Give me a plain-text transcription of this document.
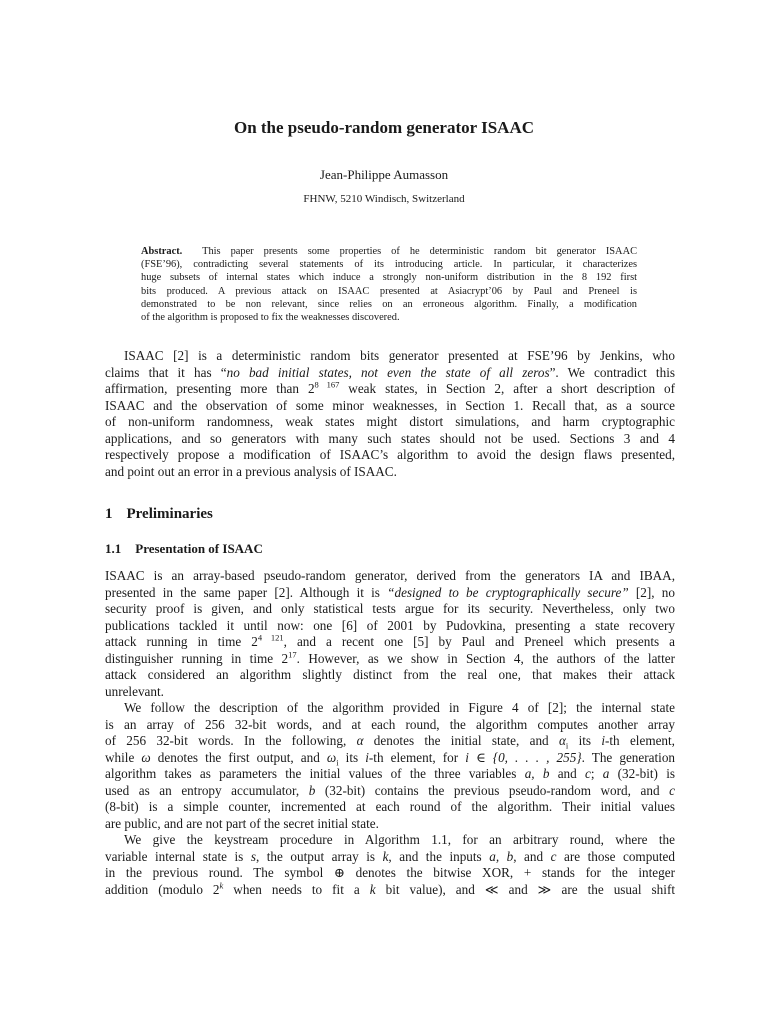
On the pseudo-random generator ISAAC
Jean-Philippe Aumasson
FHNW, 5210 Windisch, Switzerland
Abstract. This paper presents some properties of he deterministic random bit generator ISAAC
(FSE’96), contradicting several statements of its introducing article. In particular, it characterizes
huge subsets of internal states which induce a strongly non-uniform distribution in the 8 192 first
bits produced. A previous attack on ISAAC presented at Asiacrypt’06 by Paul and Preneel is
demonstrated to be non relevant, since relies on an erroneous algorithm. Finally, a modification
of the algorithm is proposed to fix the weaknesses discovered.
ISAAC [2] is a deterministic random bits generator presented at FSE’96 by Jenkins, who
claims that it has “no bad initial states, not even the state of all zeros”. We contradict this
affirmation, presenting more than $2^{8 167}$ weak states, in Section 2, after a short description of
ISAAC and the observation of some minor weaknesses, in Section 1. Recall that, as a source
of non-uniform randomness, weak states might distort simulations, and harm cryptographic
applications, and so generators with many such states should not be used. Sections 3 and 4
respectively propose a modification of ISAAC’s algorithm to avoid the design flaws presented,
and point out an error in a previous analysis of ISAAC.
1 Preliminaries
1.1 Presentation of ISAAC
ISAAC is an array-based pseudo-random generator, derived from the generators IA and IBAA,
presented in the same paper [2]. Although it is “designed to be cryptographically secure” [2], no
security proof is given, and only statistical tests argue for its security. Nevertheless, only two
publications tackled it until now: one [6] of 2001 by Pudovkina, presenting a state recovery
attack running in time $2^{4 121}$, and a recent one [5] by Paul and Preneel which presents a
distinguisher running in time $2^{17}$. However, as we show in Section 4, the authors of the latter
attack considered an algorithm slightly distinct from the real one, that makes their attack
unrelevant.
We follow the description of the algorithm provided in Figure 4 of [2]; the internal state
is an array of 256 32-bit words, and at each round, the algorithm computes another array
of 256 32-bit words. In the following, α denotes the initial state, and $\alpha_i$ its i-th element,
while ω denotes the first output, and $\omega_i$ its i-th element, for i ∈ {0, . . . , 255}. The generation
algorithm takes as parameters the initial values of the three variables a, b and c; a (32-bit) is
used as an entropy accumulator, b (32-bit) contains the previous pseudo-random word, and c
(8-bit) is a simple counter, incremented at each round of the algorithm. Their initial values
are public, and are not part of the secret initial state.
We give the keystream procedure in Algorithm 1.1, for an arbitrary round, where the
variable internal state is s, the output array is k, and the inputs a, b, and c are those computed
in the previous round. The symbol ⊕ denotes the bitwise XOR, + stands for the integer
addition (modulo 2$^k$ when needs to fit a k bit value), and ≪ and ≫ are the usual shift
